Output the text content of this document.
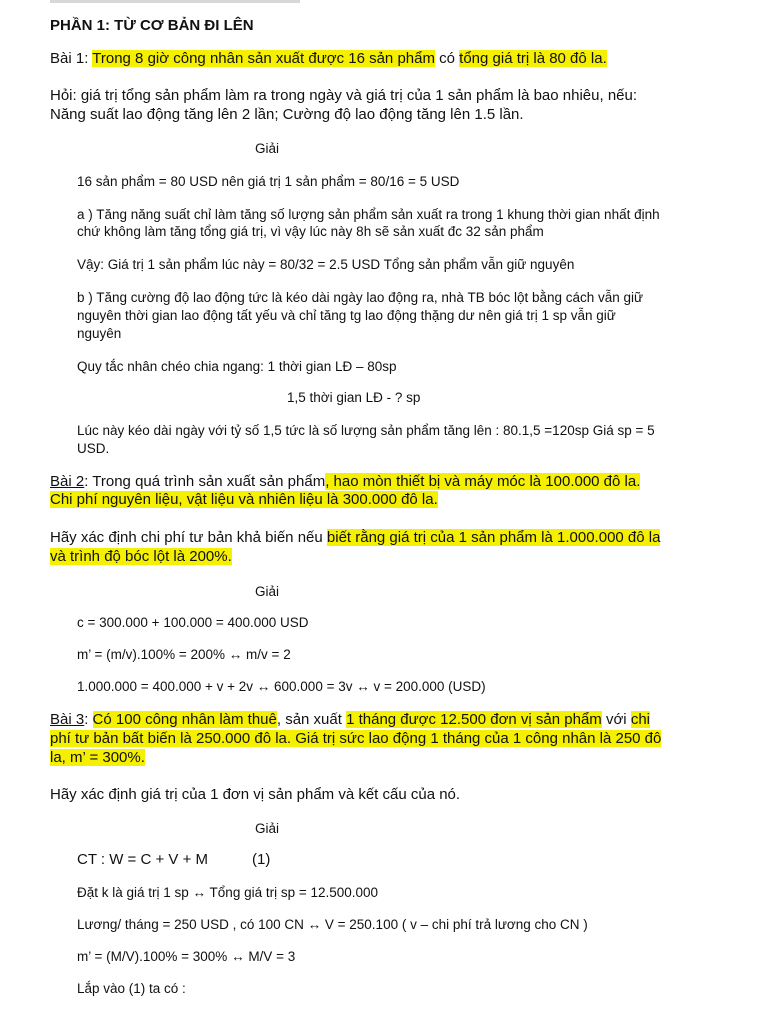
PHẦN 1: TỪ CƠ BẢN ĐI LÊN
Bài 1: Trong 8 giờ công nhân sản xuất được 16 sản phẩm có tổng giá trị là 80 đô la.
Hỏi: giá trị tổng sản phẩm làm ra trong ngày và giá trị của 1 sản phẩm là bao nhiêu, nếu:
Năng suất lao động tăng lên 2 lần; Cường độ lao động tăng lên 1.5 lần.
Giải
16 sản phẩm = 80 USD nên giá trị 1 sản phẩm = 80/16 = 5 USD
a ) Tăng năng suất chỉ làm tăng số lượng sản phẩm sản xuất ra trong 1 khung thời gian nhất định
chứ không làm tăng tổng giá trị, vì vậy lúc này 8h sẽ sản xuất đc 32 sản phẩm
Vậy: Giá trị 1 sản phẩm lúc này = 80/32 = 2.5 USD Tổng sản phẩm vẫn giữ nguyên
b ) Tăng cường độ lao động tức là kéo dài ngày lao động ra, nhà TB bóc lột bằng cách vẫn giữ
nguyên thời gian lao động tất yếu và chỉ tăng tg lao động thặng dư nên giá trị 1 sp vẫn giữ
nguyên
Quy tắc nhân chéo chia ngang: 1 thời gian LĐ – 80sp
1,5 thời gian LĐ - ? sp
Lúc này kéo dài ngày với tỷ số 1,5 tức là số lượng sản phẩm tăng lên : 80.1,5 =120sp Giá sp = 5
USD.
Bài 2: Trong quá trình sản xuất sản phẩm, hao mòn thiết bị và máy móc là 100.000 đô la.
Chi phí nguyên liệu, vật liệu và nhiên liệu là 300.000 đô la.
Hãy xác định chi phí tư bản khả biến nếu biết rằng giá trị của 1 sản phẩm là 1.000.000 đô la
và trình độ bóc lột là 200%.
Giải
c = 300.000 + 100.000 = 400.000 USD
m’ = (m/v).100% = 200% ↔ m/v = 2
1.000.000 = 400.000 + v + 2v ↔ 600.000 = 3v ↔ v = 200.000 (USD)
Bài 3: Có 100 công nhân làm thuê, sản xuất 1 tháng được 12.500 đơn vị sản phẩm với chi
phí tư bản bất biến là 250.000 đô la. Giá trị sức lao động 1 tháng của 1 công nhân là 250 đô
la, m’ = 300%.
Hãy xác định giá trị của 1 đơn vị sản phẩm và kết cấu của nó.
Giải
CT : W = C + V + M	(1)
Đặt k là giá trị 1 sp ↔ Tổng giá trị sp = 12.500.000
Lương/ tháng = 250 USD , có 100 CN ↔ V = 250.100 ( v – chi phí trả lương cho CN )
m’ = (M/V).100% = 300% ↔ M/V = 3
Lắp vào (1) ta có :
